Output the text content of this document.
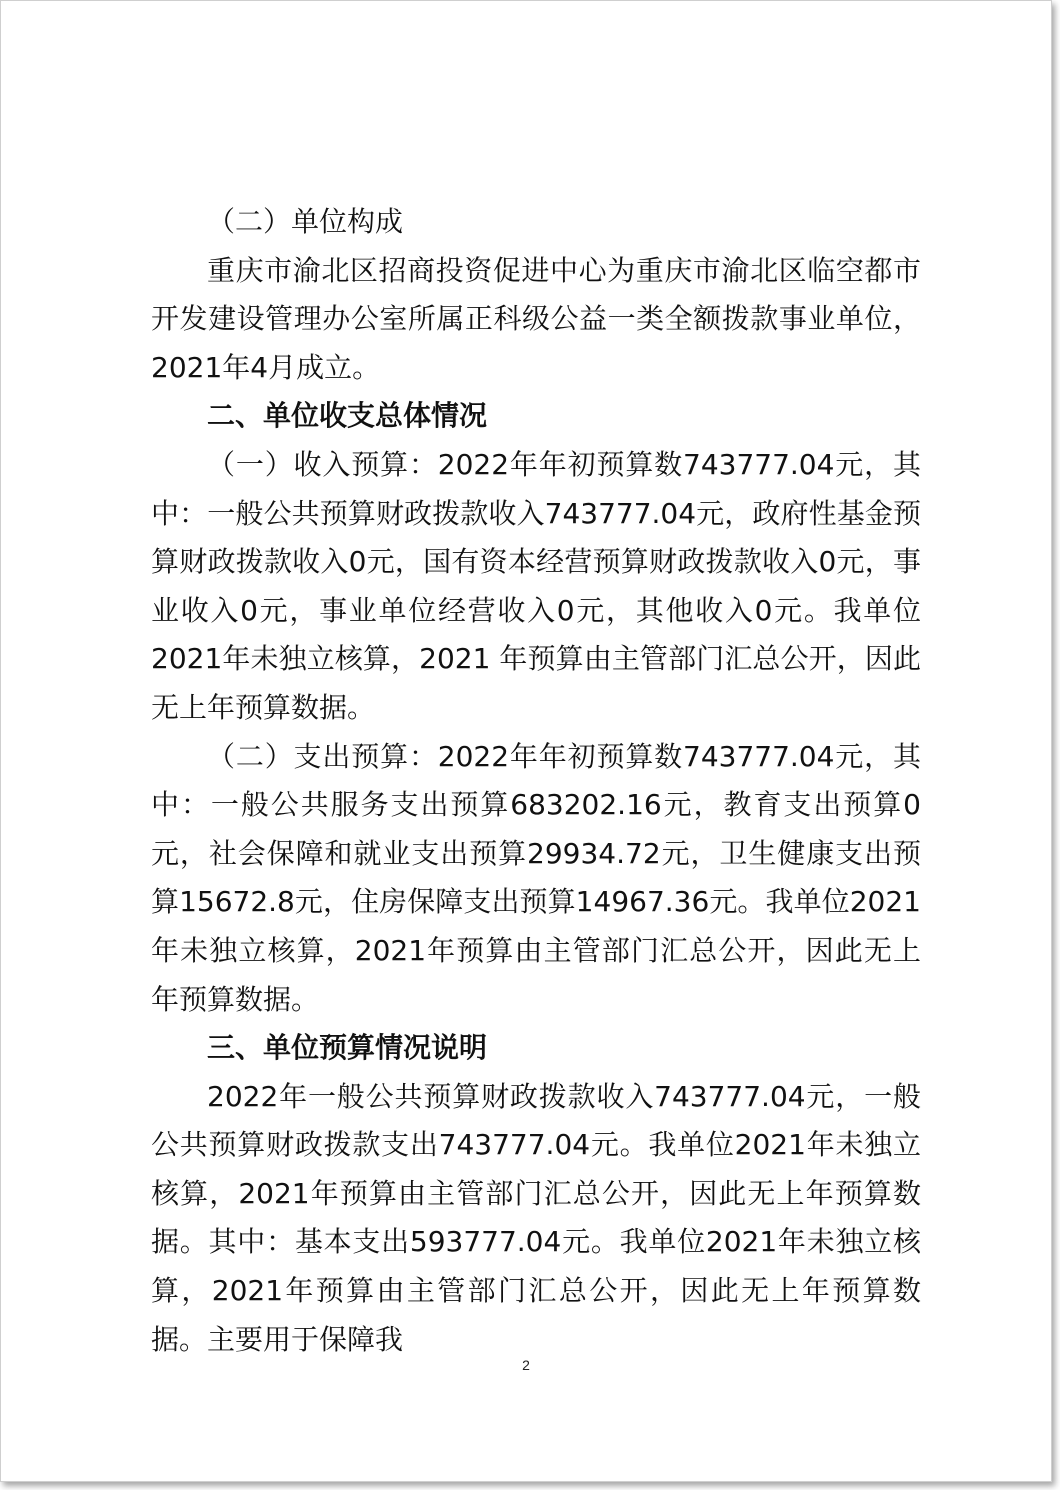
（二）单位构成

重庆市渝北区招商投资促进中心为重庆市渝北区临空都市开发建设管理办公室所属正科级公益一类全额拨款事业单位，2021年4月成立。

二、单位收支总体情况

（一）收入预算：2022年年初预算数743777.04元，其中：一般公共预算财政拨款收入743777.04元，政府性基金预算财政拨款收入0元，国有资本经营预算财政拨款收入0元，事业收入0元，事业单位经营收入0元，其他收入0元。我单位2021年未独立核算，2021 年预算由主管部门汇总公开，因此无上年预算数据。

（二）支出预算：2022年年初预算数743777.04元，其中：一般公共服务支出预算683202.16元，教育支出预算0元，社会保障和就业支出预算29934.72元，卫生健康支出预算15672.8元，住房保障支出预算14967.36元。我单位2021年未独立核算，2021年预算由主管部门汇总公开，因此无上年预算数据。

三、单位预算情况说明

2022年一般公共预算财政拨款收入743777.04元，一般公共预算财政拨款支出743777.04元。我单位2021年未独立核算，2021年预算由主管部门汇总公开，因此无上年预算数据。其中：基本支出593777.04元。我单位2021年未独立核算，2021年预算由主管部门汇总公开，因此无上年预算数据。主要用于保障我

2
